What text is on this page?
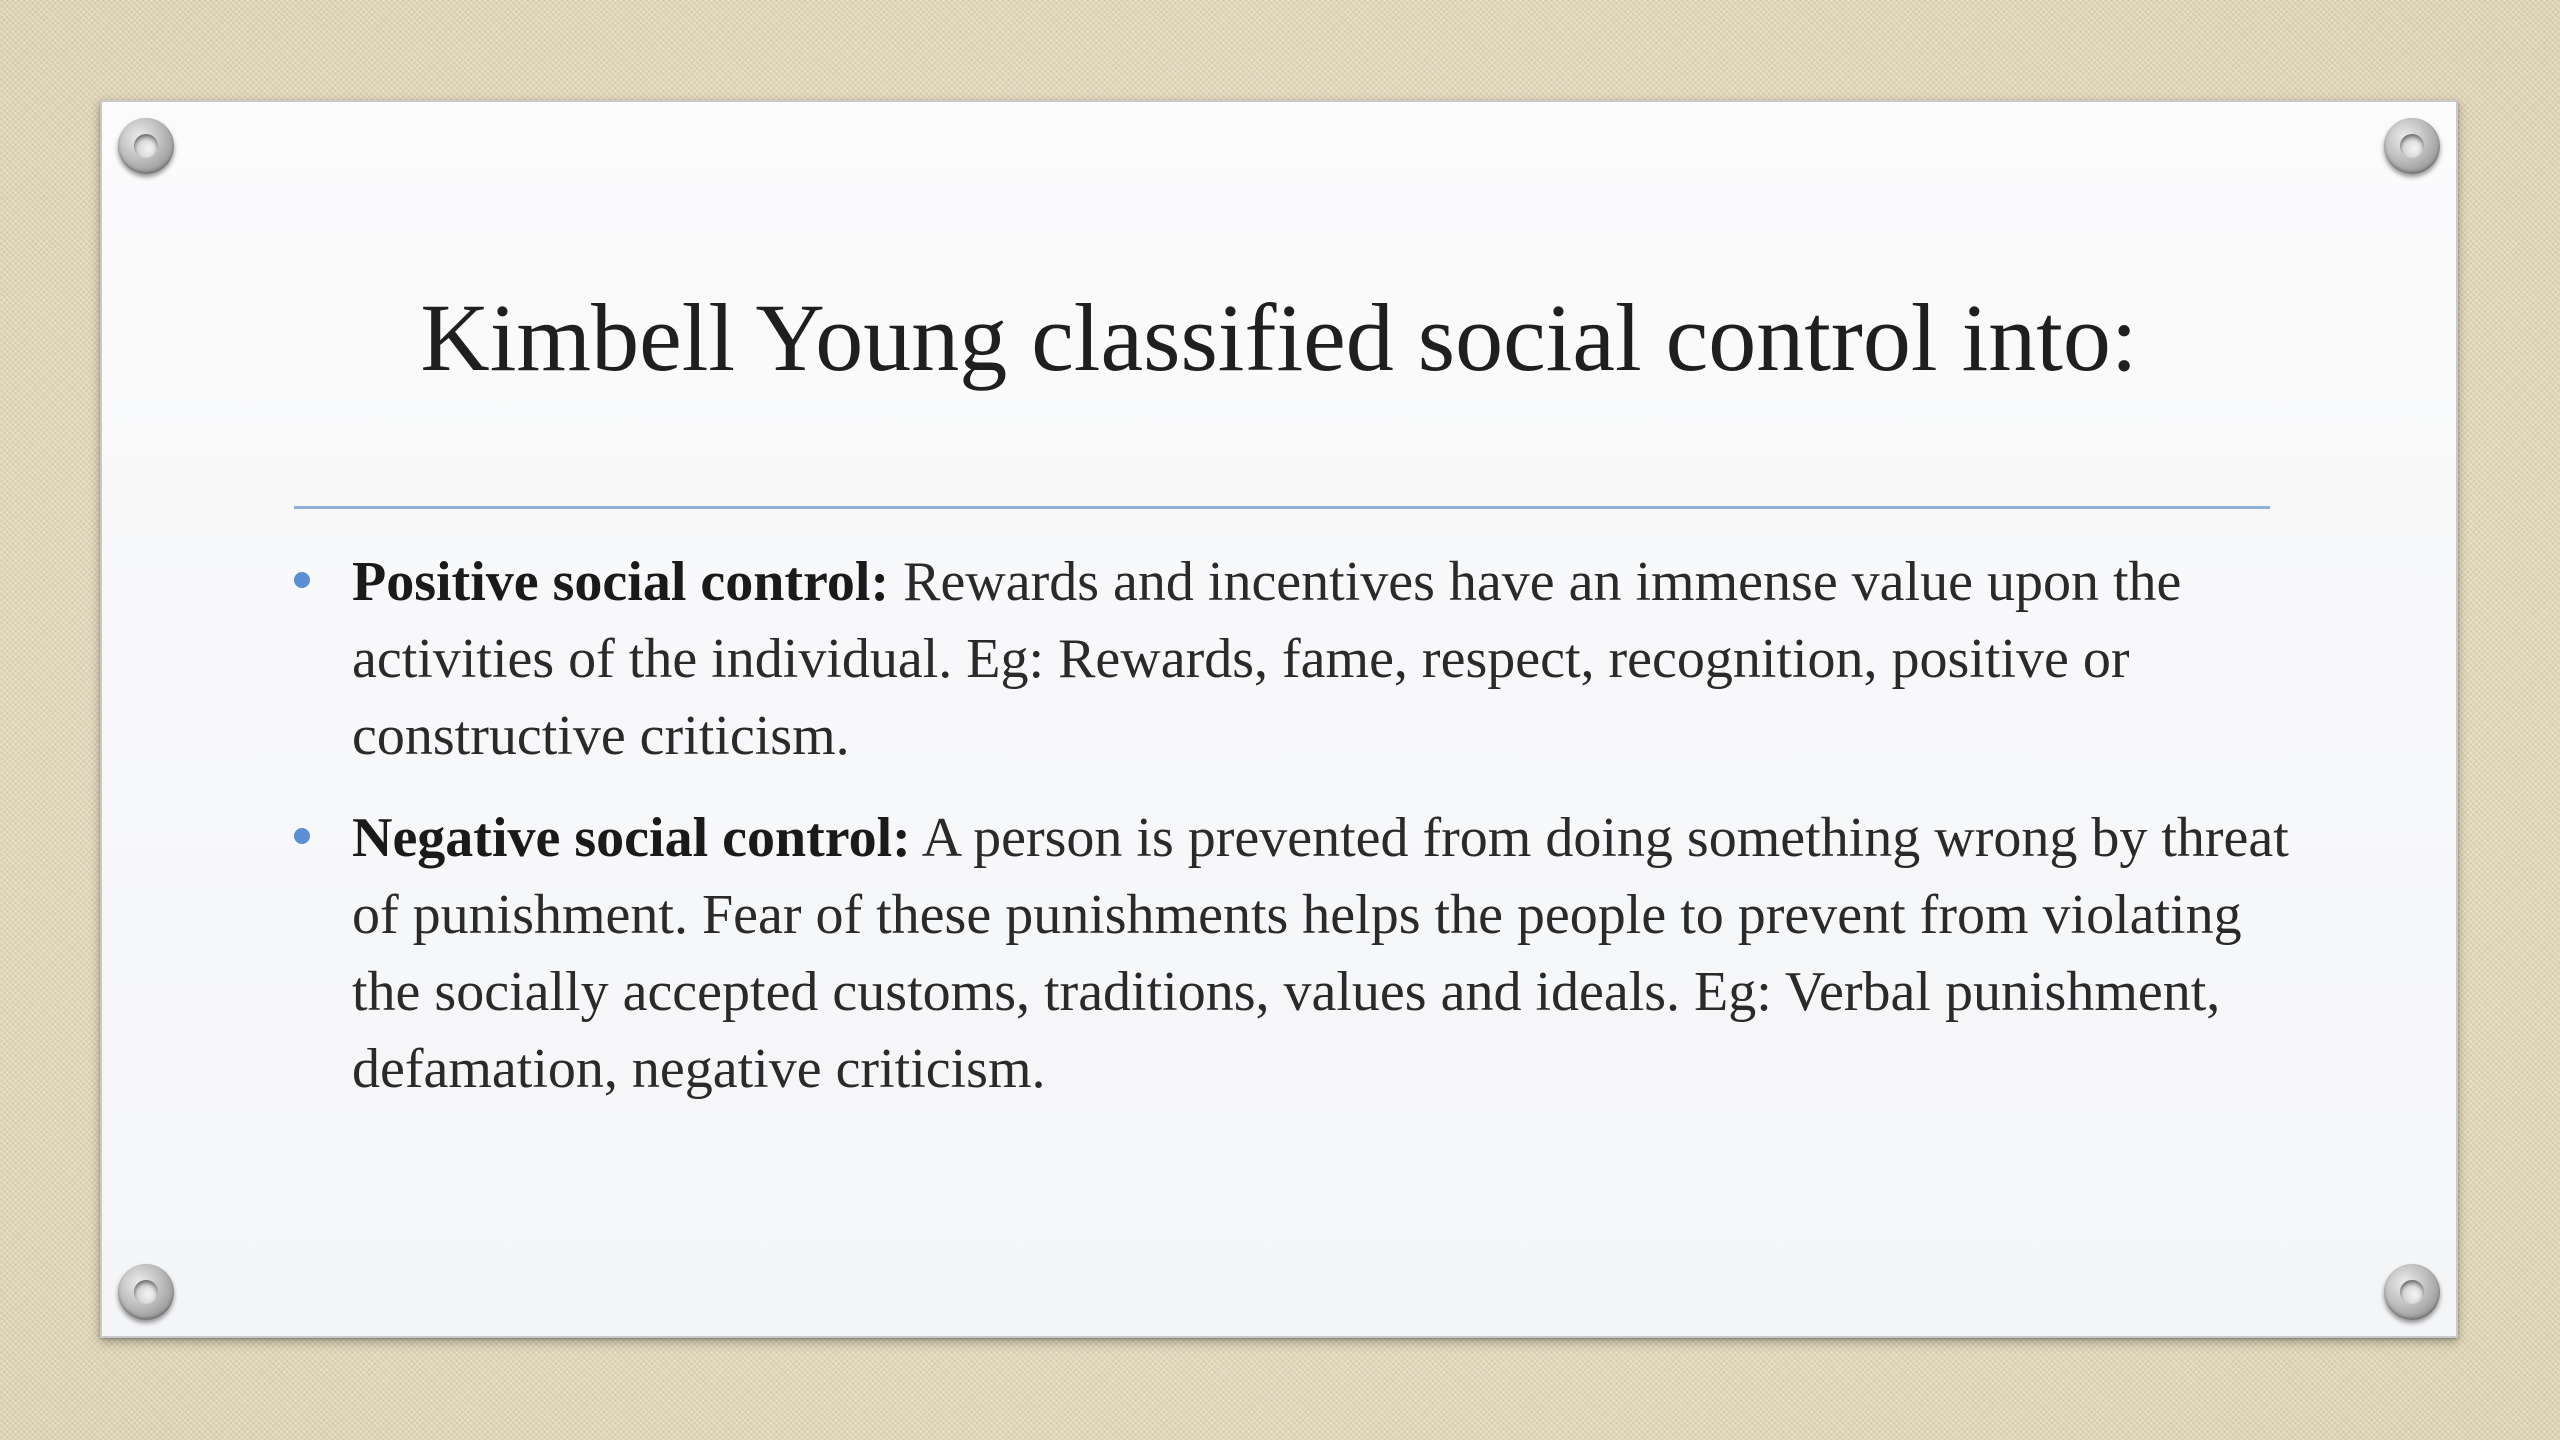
Kimbell Young classified social control into:
Positive social control: Rewards and incentives have an immense value upon the activities of the individual. Eg: Rewards, fame, respect, recognition, positive or constructive criticism.
Negative social control: A person is prevented from doing something wrong by threat of punishment. Fear of these punishments helps the people to prevent from violating the socially accepted customs, traditions, values and ideals. Eg: Verbal punishment, defamation, negative criticism.
